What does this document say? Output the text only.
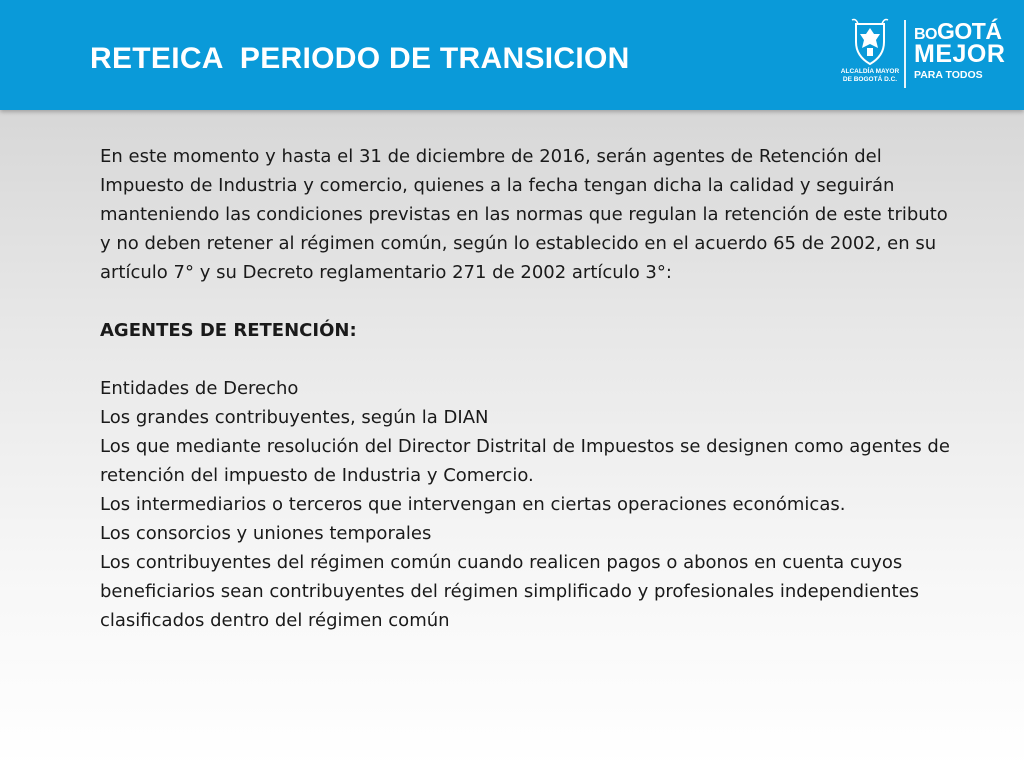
RETEICA  PERIODO DE TRANSICION	ALCALDÍA MAYOR
DE BOGOTÁ D.C.
BOGOTÁ
MEJOR
PARA TODOS

En este momento y hasta el 31 de diciembre de 2016, serán agentes de Retención del Impuesto de Industria y comercio, quienes a la fecha tengan dicha la calidad y seguirán manteniendo las condiciones previstas en las normas que regulan la retención de este tributo y no deben retener al régimen común, según lo establecido en el acuerdo 65 de 2002, en su artículo 7° y su Decreto reglamentario 271 de 2002 artículo 3°:

AGENTES DE RETENCIÓN:

Entidades de Derecho

Los grandes contribuyentes, según la DIAN

Los que mediante resolución del Director Distrital de Impuestos se designen como agentes de retención del impuesto de Industria y Comercio.

Los intermediarios o terceros que intervengan en ciertas operaciones económicas.

Los consorcios y uniones temporales

Los contribuyentes del régimen común cuando realicen pagos o abonos en cuenta cuyos beneficiarios sean contribuyentes del régimen simplificado y profesionales independientes clasificados dentro del régimen común
